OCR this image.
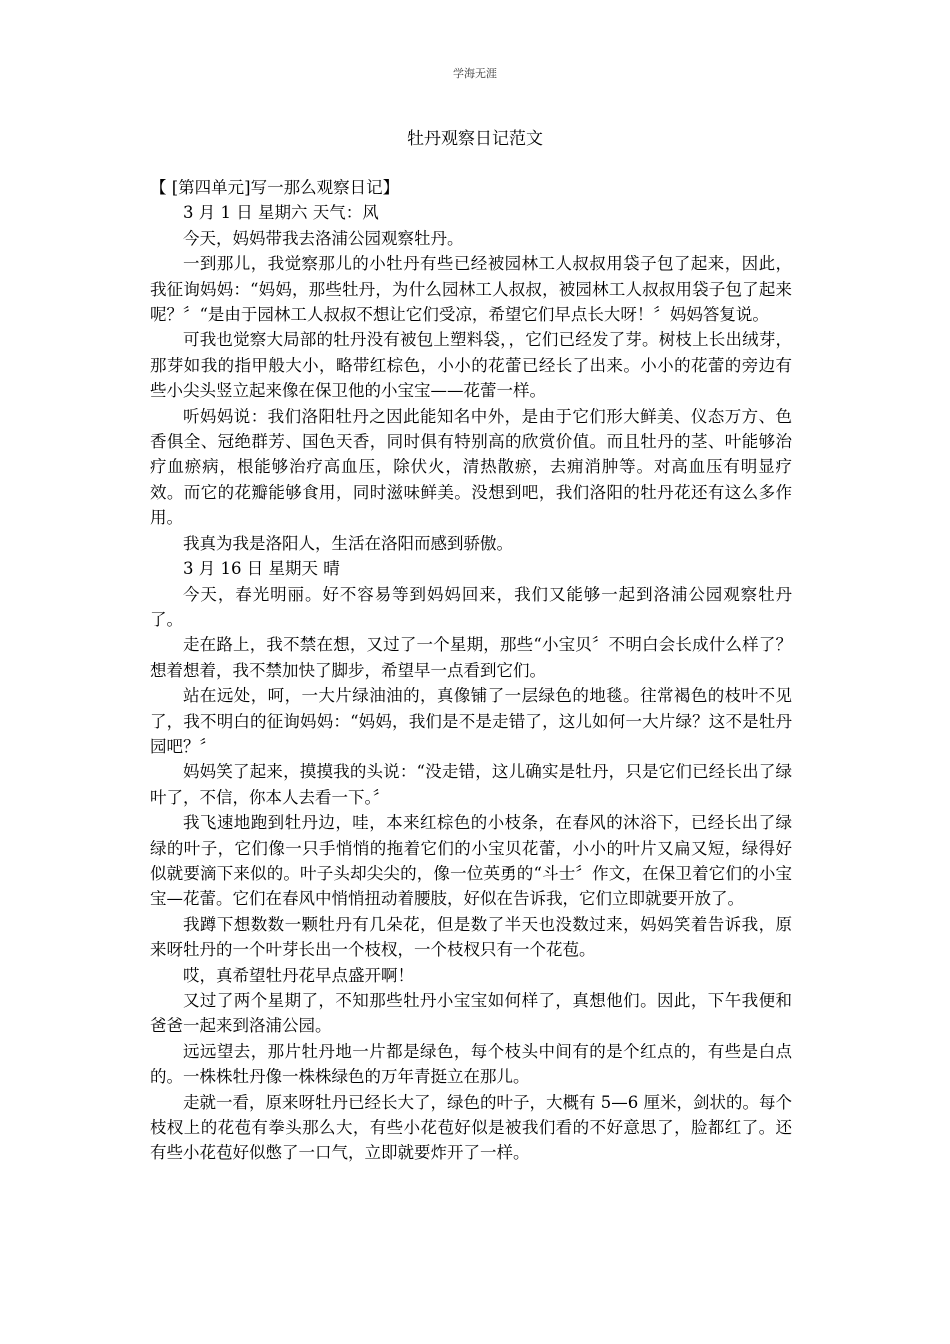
学海无涯
牡丹观察日记范文

【 [第四单元]写一那么观察日记】

3 月 1 日 星期六 天气：风

今天，妈妈带我去洛浦公园观察牡丹。

一到那儿，我觉察那儿的小牡丹有些已经被园林工人叔叔用袋子包了起来，因此，我征询妈妈：“妈妈，那些牡丹，为什么园林工人叔叔，被园林工人叔叔用袋子包了起来呢？〞“是由于园林工人叔叔不想让它们受凉，希望它们早点长大呀！〞妈妈答复说。

可我也觉察大局部的牡丹没有被包上塑料袋，，它们已经发了芽。树枝上长出绒芽，那芽如我的指甲般大小，略带红棕色，小小的花蕾已经长了出来。小小的花蕾的旁边有些小尖头竖立起来像在保卫他的小宝宝——花蕾一样。

听妈妈说：我们洛阳牡丹之因此能知名中外，是由于它们形大鲜美、仪态万方、色香俱全、冠绝群芳、国色天香，同时俱有特别高的欣赏价值。而且牡丹的茎、叶能够治疗血瘀病，根能够治疗高血压，除伏火，清热散瘀，去痈消肿等。对高血压有明显疗效。而它的花瓣能够食用，同时滋味鲜美。没想到吧，我们洛阳的牡丹花还有这么多作用。

我真为我是洛阳人，生活在洛阳而感到骄傲。

3 月 16 日 星期天 晴

今天，春光明丽。好不容易等到妈妈回来，我们又能够一起到洛浦公园观察牡丹了。

走在路上，我不禁在想，又过了一个星期，那些“小宝贝〞不明白会长成什么样了？想着想着，我不禁加快了脚步，希望早一点看到它们。

站在远处，呵，一大片绿油油的，真像铺了一层绿色的地毯。往常褐色的枝叶不见了，我不明白的征询妈妈：“妈妈，我们是不是走错了，这儿如何一大片绿？这不是牡丹园吧？〞

妈妈笑了起来，摸摸我的头说：“没走错，这儿确实是牡丹，只是它们已经长出了绿叶了，不信，你本人去看一下。〞

我飞速地跑到牡丹边，哇，本来红棕色的小枝条，在春风的沐浴下，已经长出了绿绿的叶子，它们像一只手悄悄的拖着它们的小宝贝花蕾，小小的叶片又扁又短，绿得好似就要滴下来似的。叶子头却尖尖的，像一位英勇的“斗士〞作文，在保卫着它们的小宝宝—花蕾。它们在春风中悄悄扭动着腰肢，好似在告诉我，它们立即就要开放了。

我蹲下想数数一颗牡丹有几朵花，但是数了半天也没数过来，妈妈笑着告诉我，原来呀牡丹的一个叶芽长出一个枝杈，一个枝杈只有一个花苞。

哎，真希望牡丹花早点盛开啊！

又过了两个星期了，不知那些牡丹小宝宝如何样了，真想他们。因此，下午我便和爸爸一起来到洛浦公园。

远远望去，那片牡丹地一片都是绿色，每个枝头中间有的是个红点的，有些是白点的。一株株牡丹像一株株绿色的万年青挺立在那儿。

走就一看，原来呀牡丹已经长大了，绿色的叶子，大概有 5—6 厘米，剑状的。每个枝杈上的花苞有拳头那么大，有些小花苞好似是被我们看的不好意思了，脸都红了。还有些小花苞好似憋了一口气，立即就要炸开了一样。
